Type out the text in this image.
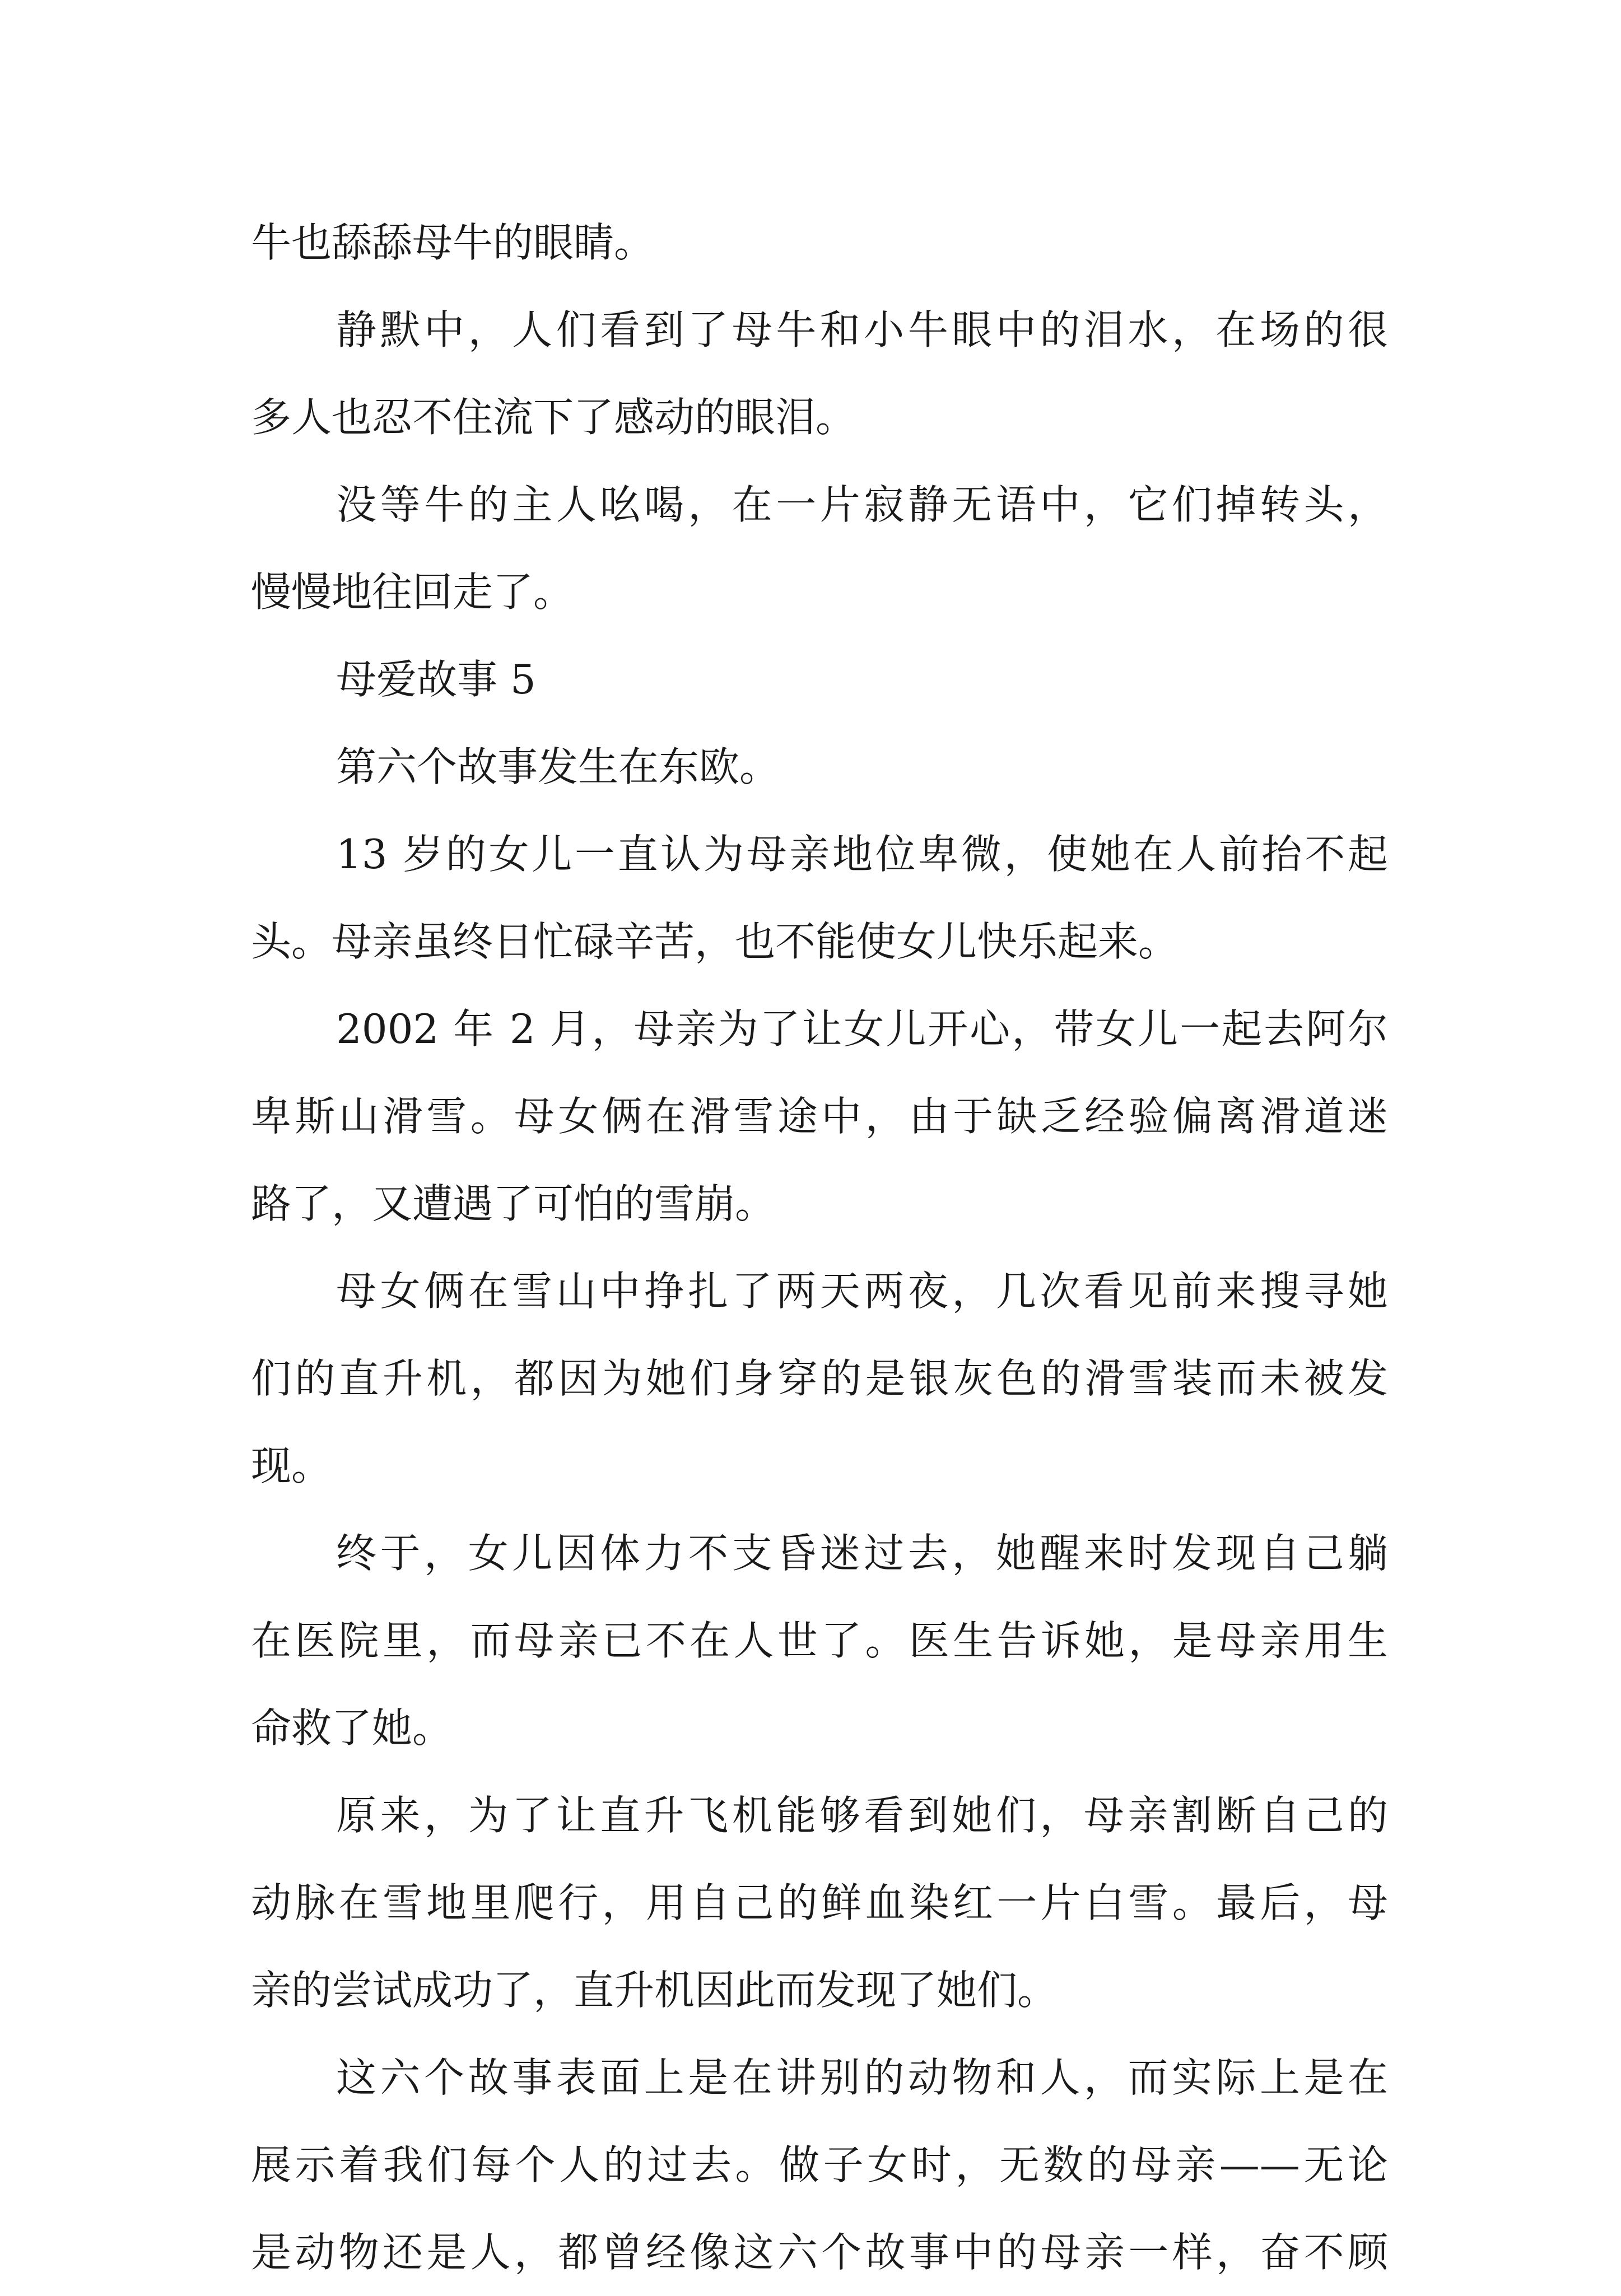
牛也舔舔母牛的眼睛。
静默中，人们看到了母牛和小牛眼中的泪水，在场的很
多人也忍不住流下了感动的眼泪。
没等牛的主人吆喝，在一片寂静无语中，它们掉转头，
慢慢地往回走了。
母爱故事 5
第六个故事发生在东欧。
13 岁的女儿一直认为母亲地位卑微，使她在人前抬不起
头。母亲虽终日忙碌辛苦，也不能使女儿快乐起来。
2002 年 2 月，母亲为了让女儿开心，带女儿一起去阿尔
卑斯山滑雪。母女俩在滑雪途中，由于缺乏经验偏离滑道迷
路了，又遭遇了可怕的雪崩。
母女俩在雪山中挣扎了两天两夜，几次看见前来搜寻她
们的直升机，都因为她们身穿的是银灰色的滑雪装而未被发
现。
终于，女儿因体力不支昏迷过去，她醒来时发现自己躺
在医院里，而母亲已不在人世了。医生告诉她，是母亲用生
命救了她。
原来，为了让直升飞机能够看到她们，母亲割断自己的
动脉在雪地里爬行，用自己的鲜血染红一片白雪。最后，母
亲的尝试成功了，直升机因此而发现了她们。
这六个故事表面上是在讲别的动物和人，而实际上是在
展示着我们每个人的过去。做子女时，无数的母亲——无论
是动物还是人，都曾经像这六个故事中的母亲一样，奋不顾
